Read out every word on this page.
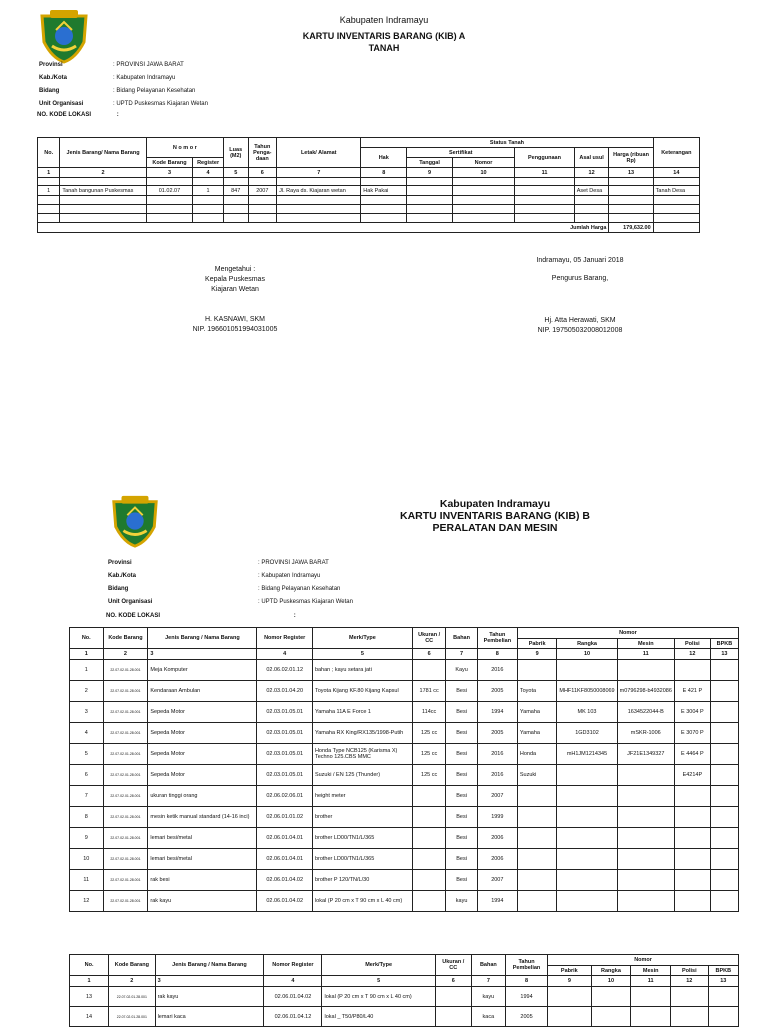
Kabupaten Indramayu
KARTU INVENTARIS BARANG (KIB) A
TANAH
Provinsi	: PROVINSI JAWA BARAT
Kab./Kota	: Kabupaten Indramayu
Bidang	: Bidang Pelayanan Kesehatan
Unit Organisasi	: UPTD Puskesmas Kiajaran Wetan
NO. KODE LOKASI	:
No.	Jenis Barang/ Nama Barang	N o m o r		Luas (M2)	Tahun Penga-daan	Letak/ Alamat	Status Tanah						Keterangan
							Hak	Sertifikat		Penggunaan	Asal usul	Harga (ribuan Rp)	
		Kode Barang	Register					Tanggal	Nomor				
1	2	3	4	5	6	7	8	9	10	11	12	13	14

1	Tanah bangunan Puskesmas	01.02.07	1	847	2007	Jl. Raya ds. Kiajaran wetan	Hak Pakai				Aset Desa		Tanah Desa

Jumlah Harga												179,632.00	
Indramayu, 05 Januari 2018
Pengurus Barang,
Hj. Atta Herawati, SKM
NIP. 197505032008012008
Mengetahui :
Kepala Puskesmas
Kiajaran Wetan
H. KASNAWI, SKM
NIP. 196601051994031005
Kabupaten Indramayu
KARTU INVENTARIS BARANG (KIB) B
PERALATAN DAN MESIN
Provinsi	: PROVINSI JAWA BARAT
Kab./Kota	: Kabupaten Indramayu
Bidang	: Bidang Pelayanan Kesehatan
Unit Organisasi	: UPTD Puskesmas Kiajaran Wetan
NO. KODE LOKASI	:
No.	Kode Barang	Jenis Barang / Nama Barang	Nomor Register	Merk/Type	Ukuran / CC	Bahan	Tahun Pembelian	Nomor				
								Pabrik	Rangka	Mesin	Polisi	BPKB
1	2	3	4	5	6	7	8	9	10	11	12	13
1	22.07.02.01.28.001	Meja Komputer	02.06.02.01.12	bahan ; kayu setara jati		Kayu	2016					
2	22.07.02.01.28.001	Kendaraan Ambulan	02.03.01.04.20	Toyota Kijang KF.80 Kijang Kapsul	1781 cc	Besi	2005	Toyota	MHF11KF8050008069	m0796298-b4932086	E 421 P	
3	22.07.02.01.28.001	Sepeda Motor	02.03.01.05.01	Yamaha 11A E Force 1	114cc	Besi	1994	Yamaha	MK 103	1634522044-B	E 3004 P	
4	22.07.02.01.28.001	Sepeda Motor	02.03.01.05.01	Yamaha RX King/RX135/1998-Putih	125 cc	Besi	2005	Yamaha	1GD3102	mSKR-1006	E 3070 P	
5	22.07.02.01.28.001	Sepeda Motor	02.03.01.05.01	Honda Type NCB125 (Karisma X) Techno 125.CBS MMC	125 cc	Besi	2016	Honda	mH1JM1214345	JF21E1349327	E 4464 P	
6	22.07.02.01.28.001	Sepeda Motor	02.03.01.05.01	Suzuki / EN 125 (Thunder)	125 cc	Besi	2016	Suzuki			E4214P	
7	22.07.02.01.28.001	ukuran tinggi orang	02.06.02.06.01	height meter		Besi	2007					
8	22.07.02.01.28.001	mesin ketik manual standard (14-16 inci)	02.06.01.01.02	brother		Besi	1999					
9	22.07.02.01.28.001	lemari besi/metal	02.06.01.04.01	brother LD00/TN1/L/365		Besi	2006					
10	22.07.02.01.28.001	lemari besi/metal	02.06.01.04.01	brother LD00/TN1/L/365		Besi	2006					
11	22.07.02.01.28.001	rak besi	02.06.01.04.02	brother P 120/TN/L/30		Besi	2007					
12	22.07.02.01.28.001	rak kayu	02.06.01.04.02	lokal (P 20 cm x T 90 cm x L 40 cm)		kayu	1994					
No.	Kode Barang	Jenis Barang / Nama Barang	Nomor Register	Merk/Type	Ukuran / CC	Bahan	Tahun Pembelian	Nomor				
								Pabrik	Rangka	Mesin	Polisi	BPKB
1	2	3	4	5	6	7	8	9	10	11	12	13
13	22.07.02.01.28.001	rak kayu	02.06.01.04.02	lokal (P 20 cm x T 90 cm x L 40 cm)		kayu	1994					
14	22.07.02.01.28.001	lemari kaca	02.06.01.04.12	lokal _ T50/P80/L40		kaca	2005					
